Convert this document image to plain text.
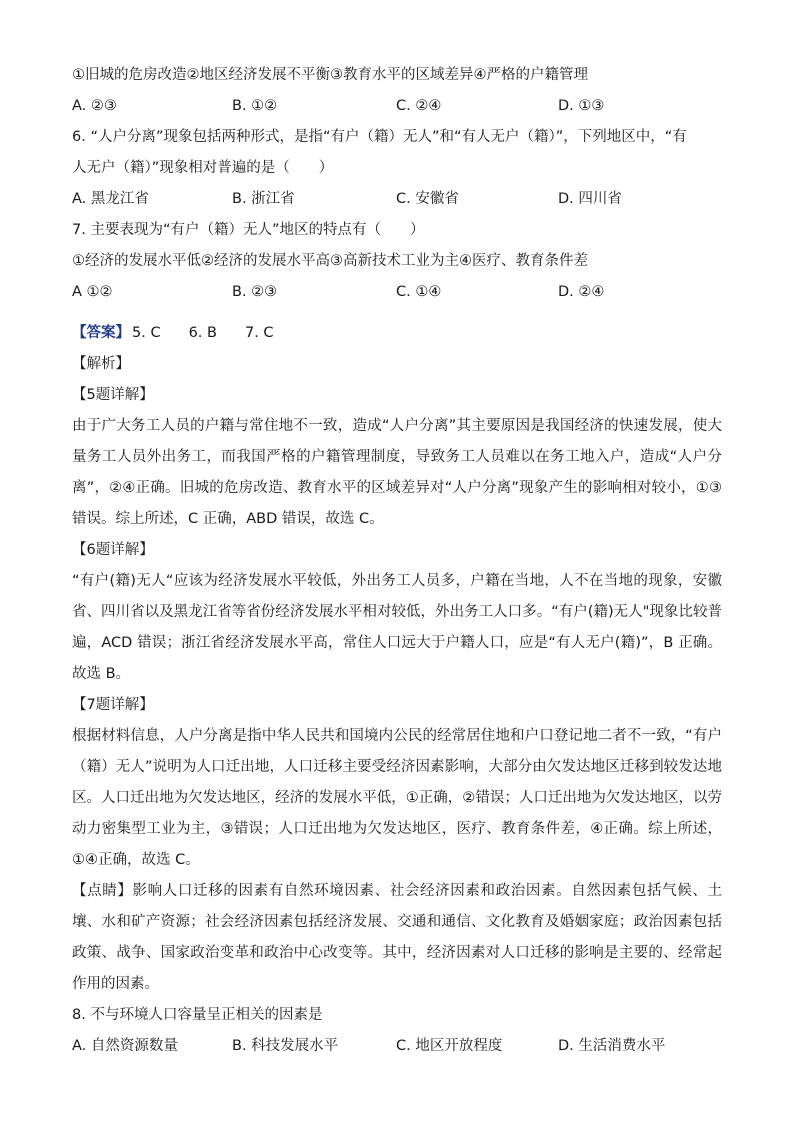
①旧城的危房改造②地区经济发展不平衡③教育水平的区域差异④严格的户籍管理
A. ②③	B. ①②	C. ②④	D. ①③
6. “人户分离”现象包括两种形式，是指“有户（籍）无人”和“有人无户（籍）”，下列地区中，“有
人无户（籍）”现象相对普遍的是（　　）
A. 黑龙江省	B. 浙江省	C. 安徽省	D. 四川省
7. 主要表现为“有户（籍）无人”地区的特点有（　　）
①经济的发展水平低②经济的发展水平高③高新技术工业为主④医疗、教育条件差
A ①②	B. ②③	C. ①④	D. ②④
【答案】 5. C 6. B 7. C
【解析】
【5题详解】

由于广大务工人员的户籍与常住地不一致，造成“人户分离”其主要原因是我国经济的快速发展，使大量务工人员外出务工，而我国严格的户籍管理制度，导致务工人员难以在务工地入户，造成“人户分离”，②④正确。旧城的危房改造、教育水平的区域差异对“人户分离”现象产生的影响相对较小，①③错误。综上所述，C 正确，ABD 错误，故选 C。

【6题详解】

“有户(籍)无人“应该为经济发展水平较低，外出务工人员多，户籍在当地，人不在当地的现象，安徽省、四川省以及黑龙江省等省份经济发展水平相对较低，外出务工人口多。“有户(籍)无人"现象比较普遍，ACD 错误；浙江省经济发展水平高，常住人口远大于户籍人口，应是“有人无户(籍)”，B 正确。故选 B。

【7题详解】

根据材料信息，人户分离是指中华人民共和国境内公民的经常居住地和户口登记地二者不一致，“有户（籍）无人”说明为人口迁出地，人口迁移主要受经济因素影响，大部分由欠发达地区迁移到较发达地区。人口迁出地为欠发达地区，经济的发展水平低，①正确，②错误；人口迁出地为欠发达地区，以劳动力密集型工业为主，③错误；人口迁出地为欠发达地区，医疗、教育条件差，④正确。综上所述，①④正确，故选 C。

【点睛】影响人口迁移的因素有自然环境因素、社会经济因素和政治因素。自然因素包括气候、土壤、水和矿产资源；社会经济因素包括经济发展、交通和通信、文化教育及婚姻家庭；政治因素包括政策、战争、国家政治变革和政治中心改变等。其中，经济因素对人口迁移的影响是主要的、经常起作用的因素。

8. 不与环境人口容量呈正相关的因素是
A. 自然资源数量	B. 科技发展水平	C. 地区开放程度	D. 生活消费水平
